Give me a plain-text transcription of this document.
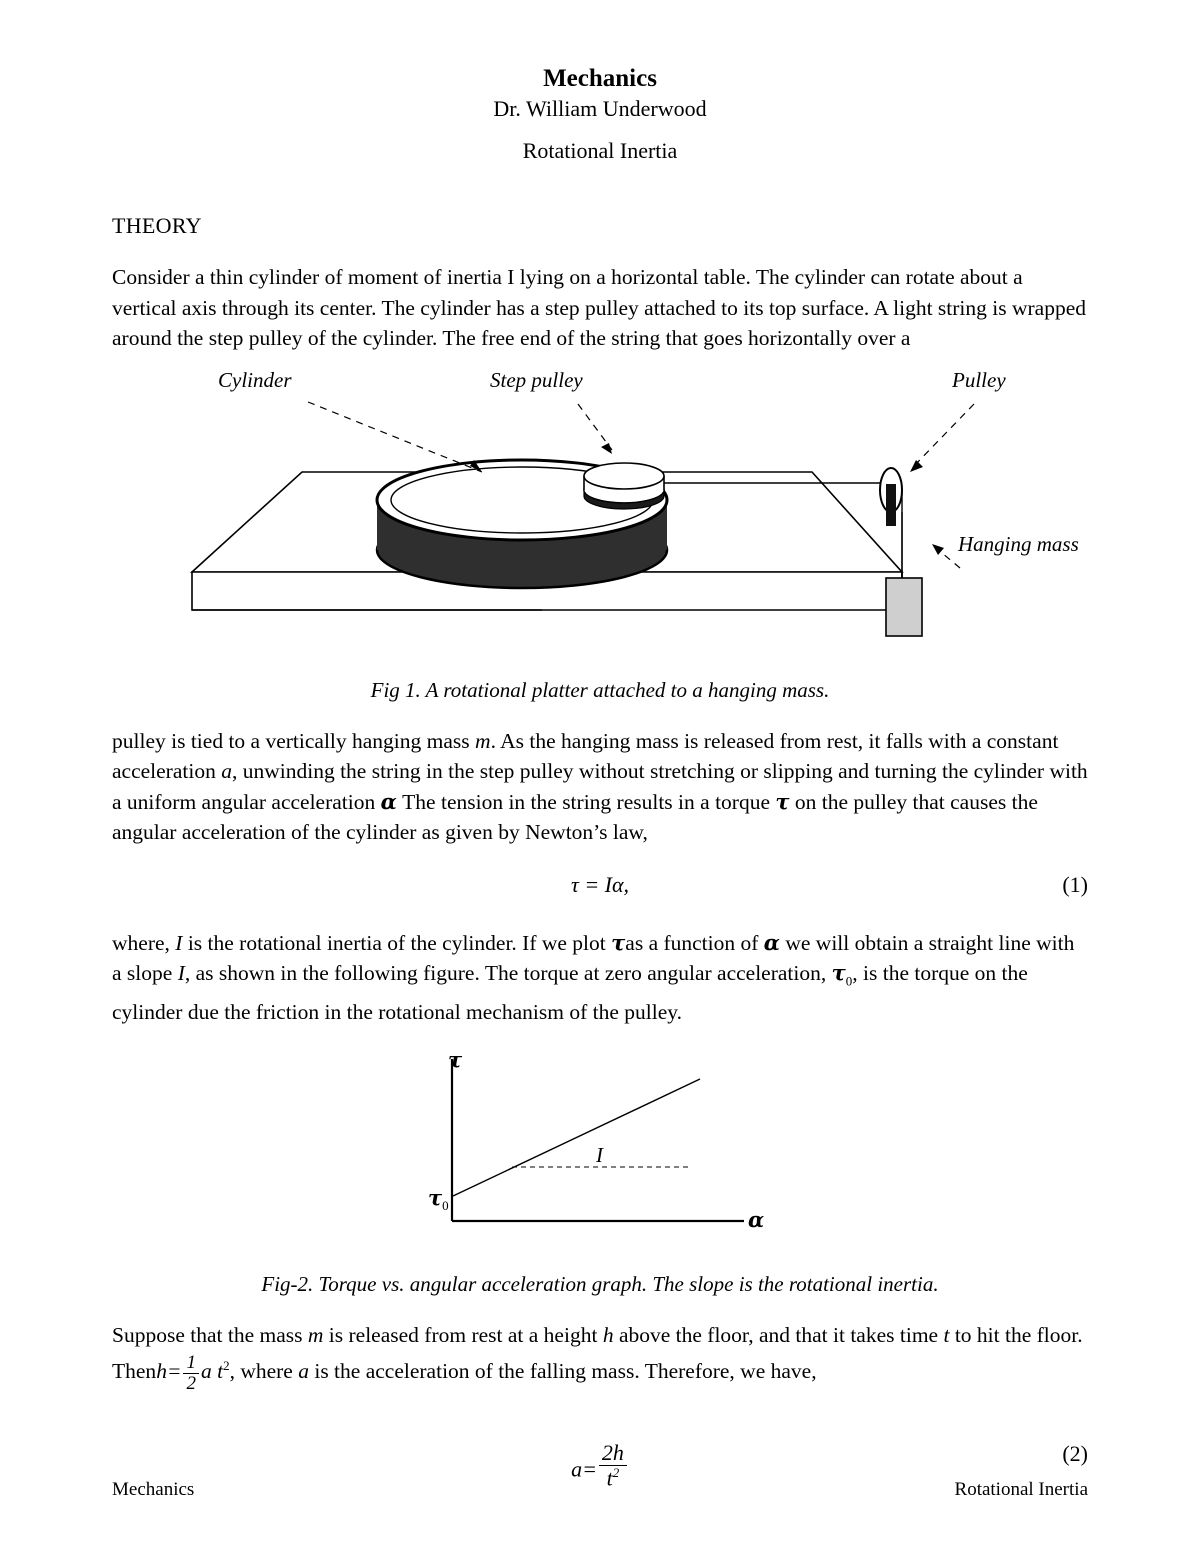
Mechanics
Dr. William Underwood
Rotational Inertia
THEORY

Consider a thin cylinder of moment of inertia I lying on a horizontal table. The cylinder can rotate about a vertical axis through its center. The cylinder has a step pulley attached to its top surface. A light string is wrapped around the step pulley of the cylinder. The free end of the string that goes horizontally over a

Cylinder	Step pulley	Pulley
Hanging mass
Fig 1. A rotational platter attached to a hanging mass.

pulley is tied to a vertically hanging mass m. As the hanging mass is released from rest, it falls with a constant acceleration a, unwinding the string in the step pulley without stretching or slipping and turning the cylinder with a uniform angular acceleration α The tension in the string results in a torque τ on the pulley that causes the angular acceleration of the cylinder as given by Newton’s law,

τ = Iα,	(1)

where, I is the rotational inertia of the cylinder. If we plot τas a function of α we will obtain a straight line with a slope I, as shown in the following figure. The torque at zero angular acceleration, $\tau_0$, is the torque on the cylinder due the friction in the rotational mechanism of the pulley.

τ
α
I
$\tau_0$
Fig-2. Torque vs. angular acceleration graph. The slope is the rotational inertia.

Suppose that the mass m is released from rest at a height h above the floor, and that it takes time t to hit the floor. Thenh= $\frac{1}{2}$ a $t^2$, where a is the acceleration of the falling mass. Therefore, we have,

$a= \frac{2h}{t^2}$	(2)
Mechanics	Rotational Inertia
